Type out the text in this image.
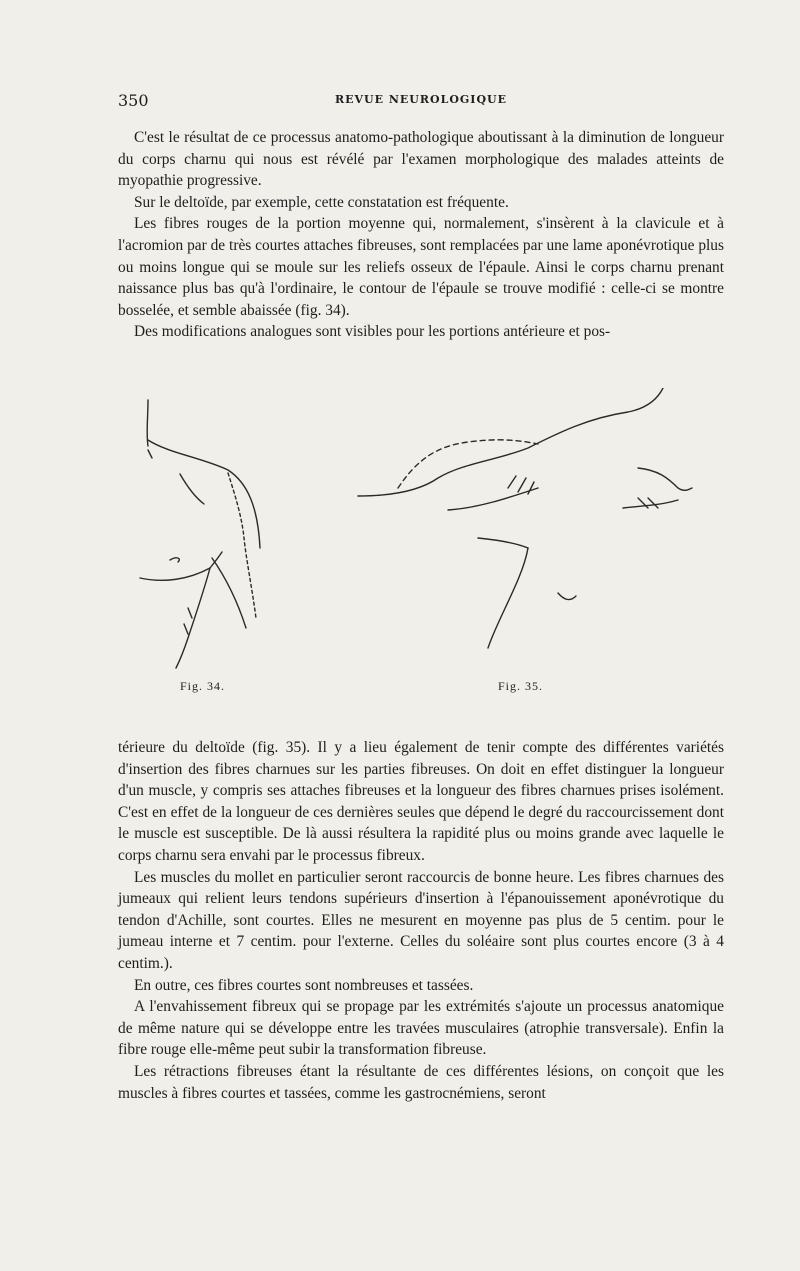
350	REVUE NEUROLOGIQUE

C'est le résultat de ce processus anatomo-pathologique aboutissant à la diminution de longueur du corps charnu qui nous est révélé par l'examen morphologique des malades atteints de myopathie progressive.

Sur le deltoïde, par exemple, cette constatation est fréquente.

Les fibres rouges de la portion moyenne qui, normalement, s'insèrent à la clavicule et à l'acromion par de très courtes attaches fibreuses, sont remplacées par une lame aponévrotique plus ou moins longue qui se moule sur les reliefs osseux de l'épaule. Ainsi le corps charnu prenant naissance plus bas qu'à l'ordinaire, le contour de l'épaule se trouve modifié : celle-ci se montre bosselée, et semble abaissée (fig. 34).

Des modifications analogues sont visibles pour les portions antérieure et pos-

Fig. 34.	Fig. 35.

térieure du deltoïde (fig. 35). Il y a lieu également de tenir compte des différentes variétés d'insertion des fibres charnues sur les parties fibreuses. On doit en effet distinguer la longueur d'un muscle, y compris ses attaches fibreuses et la longueur des fibres charnues prises isolément. C'est en effet de la longueur de ces dernières seules que dépend le degré du raccourcissement dont le muscle est susceptible. De là aussi résultera la rapidité plus ou moins grande avec laquelle le corps charnu sera envahi par le processus fibreux.

Les muscles du mollet en particulier seront raccourcis de bonne heure. Les fibres charnues des jumeaux qui relient leurs tendons supérieurs d'insertion à l'épanouissement aponévrotique du tendon d'Achille, sont courtes. Elles ne mesurent en moyenne pas plus de 5 centim. pour le jumeau interne et 7 centim. pour l'externe. Celles du soléaire sont plus courtes encore (3 à 4 centim.).

En outre, ces fibres courtes sont nombreuses et tassées.

A l'envahissement fibreux qui se propage par les extrémités s'ajoute un processus anatomique de même nature qui se développe entre les travées musculaires (atrophie transversale). Enfin la fibre rouge elle-même peut subir la transformation fibreuse.

Les rétractions fibreuses étant la résultante de ces différentes lésions, on conçoit que les muscles à fibres courtes et tassées, comme les gastrocnémiens, seront
